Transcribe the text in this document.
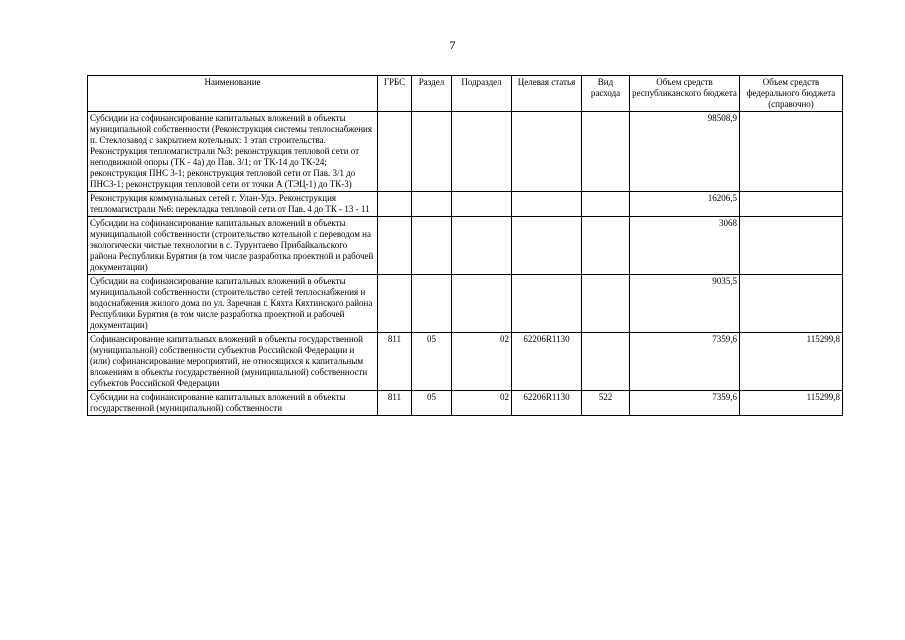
7
Наименование	ГРБС	Раздел	Подраздел	Целевая статья	Вид расхода	Объем средств республиканского бюджета	Объем средств федерального бюджета (справочно)
Субсидии на софинансирование капитальных вложений в объекты муниципальной собственности (Реконструкция системы теплоснабжения п. Стеклозавод с закрытием котельных: 1 этап строительства. Реконструкция тепломагистрали №3: реконструкция тепловой сети от неподвижной опоры (ТК - 4а) до Пав. 3/1; от ТК-14 до ТК-24; реконструкция ПНС 3-1; реконструкция тепловой сети от Пав. 3/1 до ПНС3-1; реконструкция тепловой сети от точки А (ТЭЦ-1) до ТК-3)						98508,9	
Реконструкция коммунальных сетей г. Улан-Удэ. Реконструкция тепломагистрали №6: перекладка тепловой сети от Пав. 4 до ТК - 13 - 11						16206,5	
Субсидии на софинансирование капитальных вложений в объекты муниципальной собственности (строительство котельной с переводом на экологически чистые технологии в с. Турунтаево Прибайкальского района Республики Бурятия (в том числе разработка проектной и рабочей документации)						3068	
Субсидии на софинансирование капитальных вложений в объекты муниципальной собственности (строительство сетей теплоснабжения и водоснабжения жилого дома по ул. Заречная г. Кяхта Кяхтинского района Республики Бурятия (в том числе разработка проектной и рабочей документации)						9035,5	
Софинансирование капитальных вложений в объекты государственной (муниципальной) собственности субъектов Российской Федерации и (или) софинансирование мероприятий, не относящихся к капитальным вложениям в объекты государственной (муниципальной) собственности субъектов Российской Федерации	811	05	02	62206R1130		7359,6	115299,8
Субсидии на софинансирование капитальных вложений в объекты государственной (муниципальной) собственности	811	05	02	62206R1130	522	7359,6	115299,8
